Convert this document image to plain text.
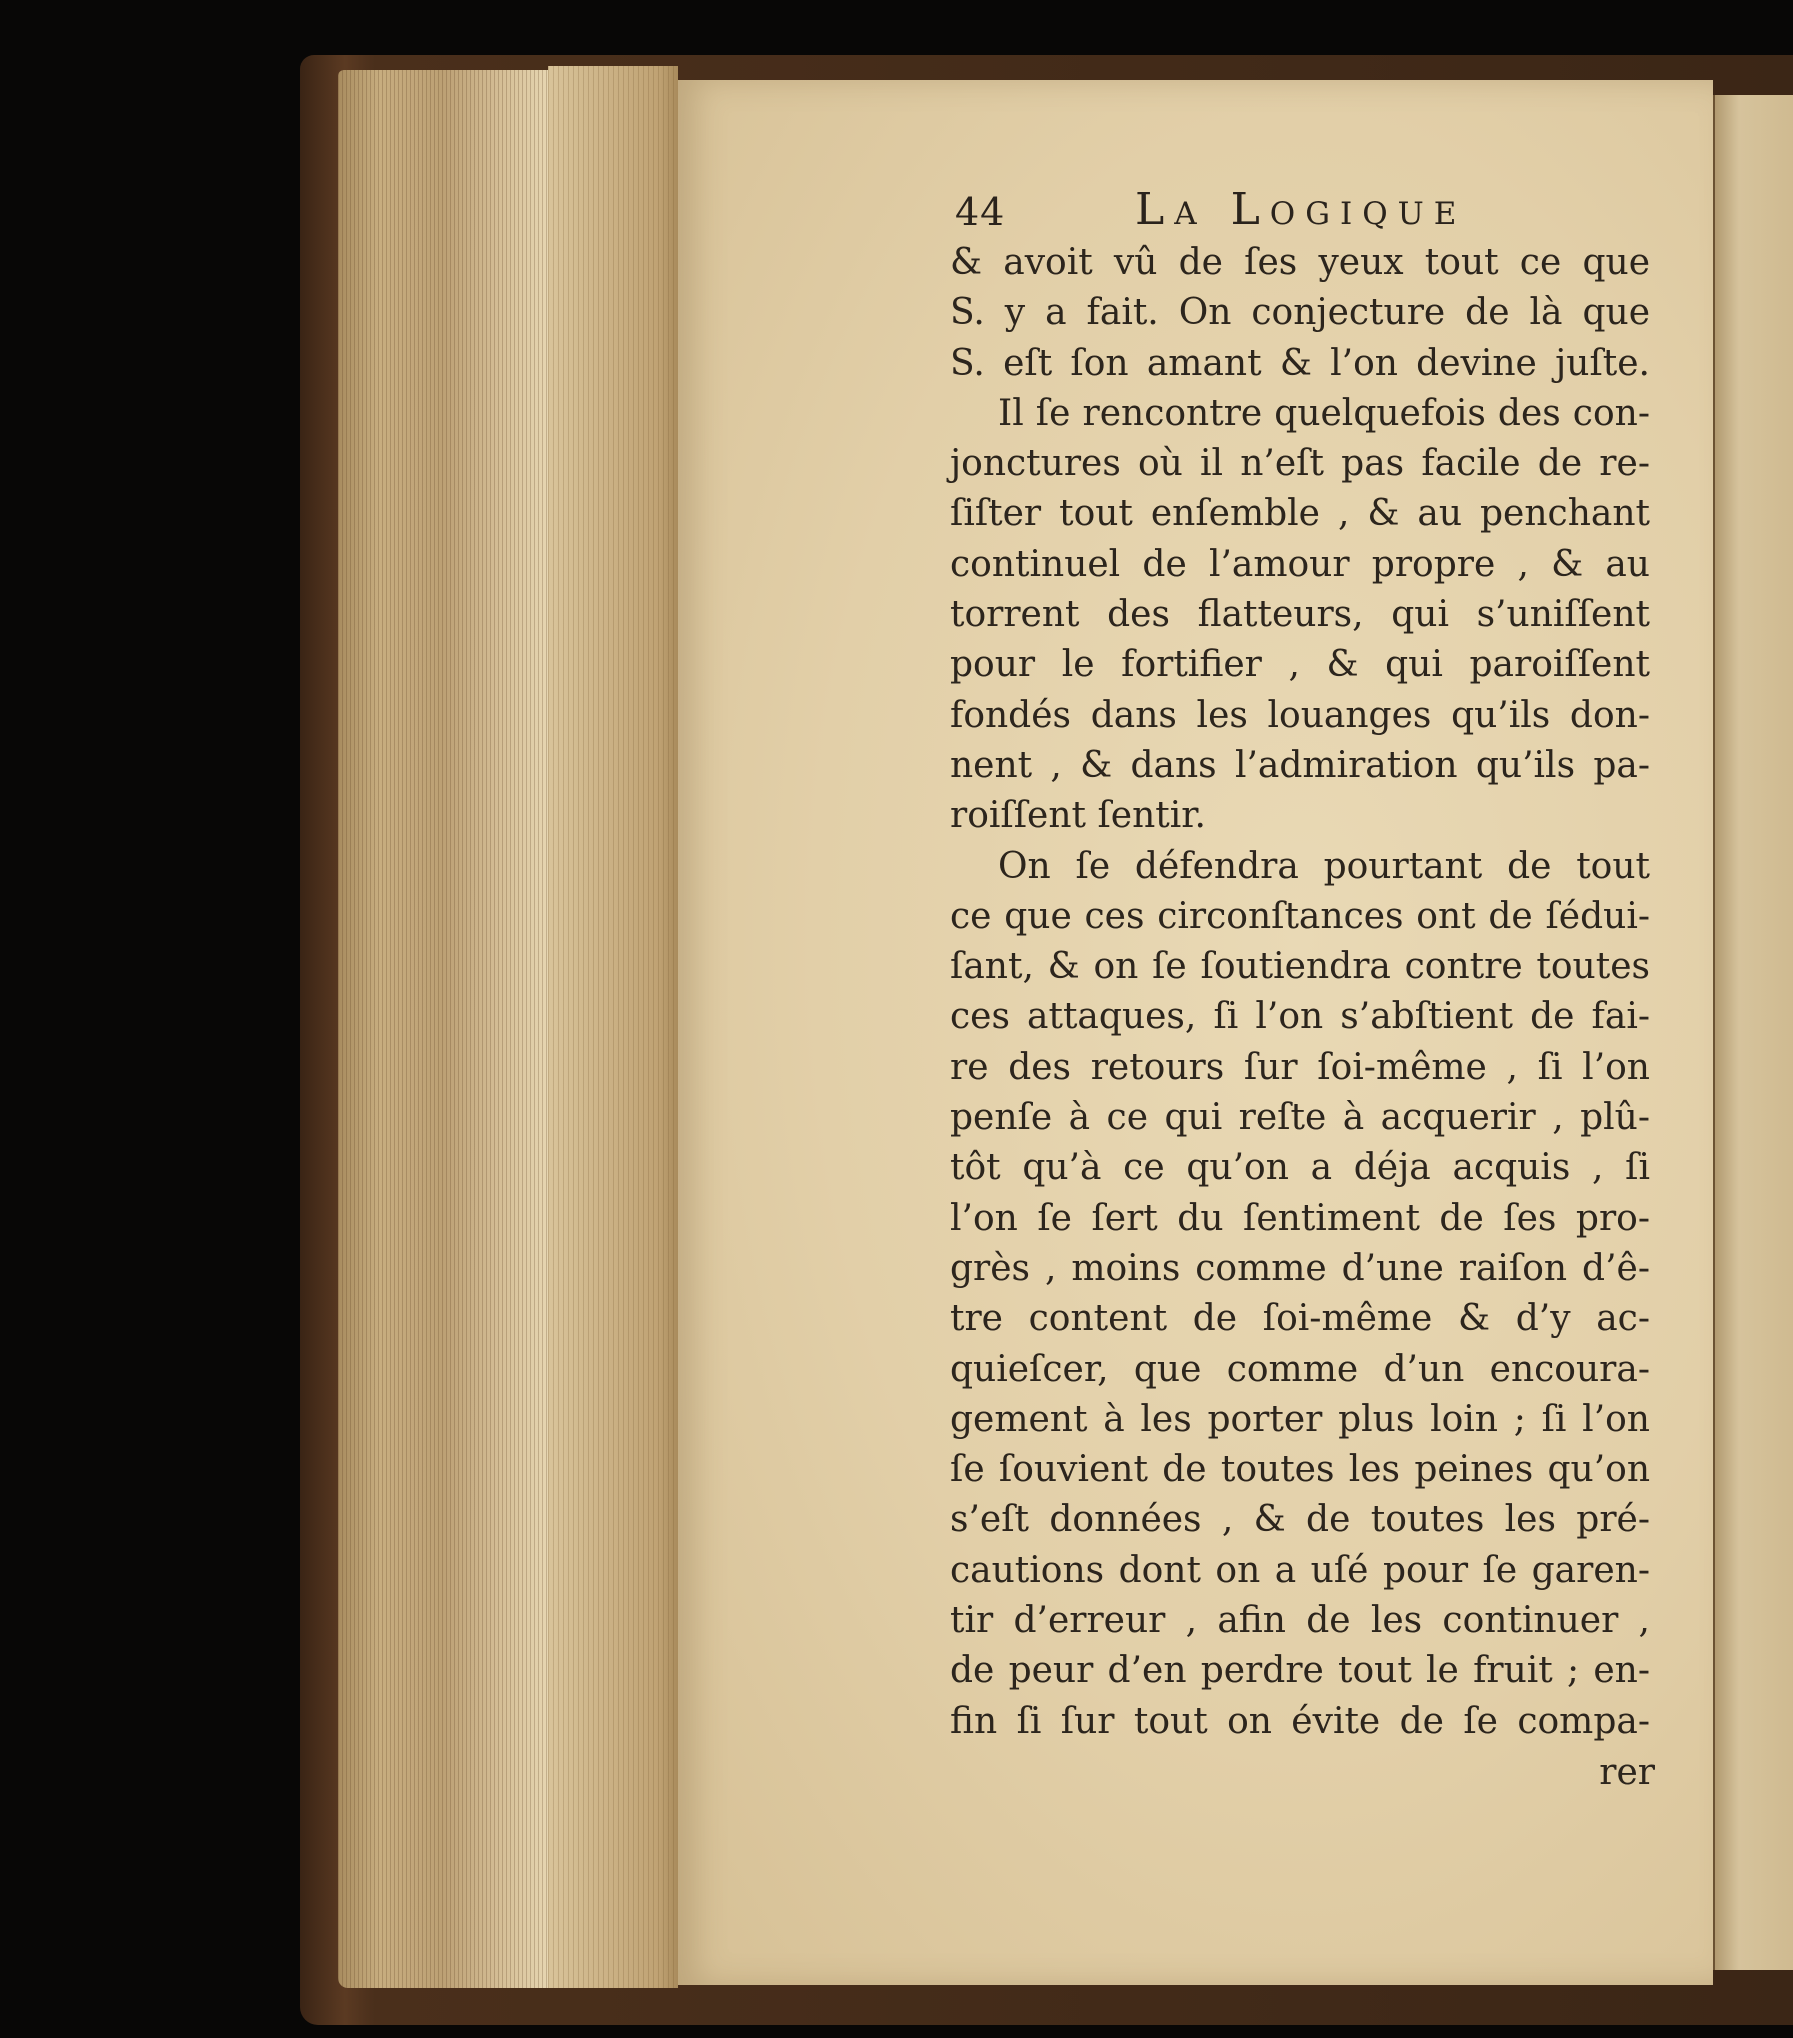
44	La Logique
& avoit vû de ſes yeux tout ce que
S. y a fait. On conjecture de là que
S. eſt ſon amant & l’on devine juſte.
Il ſe rencontre quelquefois des con-
jonctures où il n’eſt pas facile de re-
ſiſter tout enſemble , & au penchant
continuel de l’amour propre , & au
torrent des flatteurs, qui s’uniſſent
pour le fortifier , & qui paroiſſent
fondés dans les louanges qu’ils don-
nent , & dans l’admiration qu’ils pa-
roiſſent ſentir.
On ſe défendra pourtant de tout
ce que ces circonſtances ont de ſédui-
ſant, & on ſe ſoutiendra contre toutes
ces attaques, ſi l’on s’abſtient de fai-
re des retours ſur ſoi-même , ſi l’on
penſe à ce qui reſte à acquerir , plû-
tôt qu’à ce qu’on a déja acquis , ſi
l’on ſe ſert du ſentiment de ſes pro-
grès , moins comme d’une raiſon d’ê-
tre content de ſoi-même & d’y ac-
quieſcer, que comme d’un encoura-
gement à les porter plus loin ; ſi l’on
ſe ſouvient de toutes les peines qu’on
s’eſt données , & de toutes les pré-
cautions dont on a uſé pour ſe garen-
tir d’erreur , afin de les continuer ,
de peur d’en perdre tout le fruit ; en-
fin ſi ſur tout on évite de ſe compa-
rer
